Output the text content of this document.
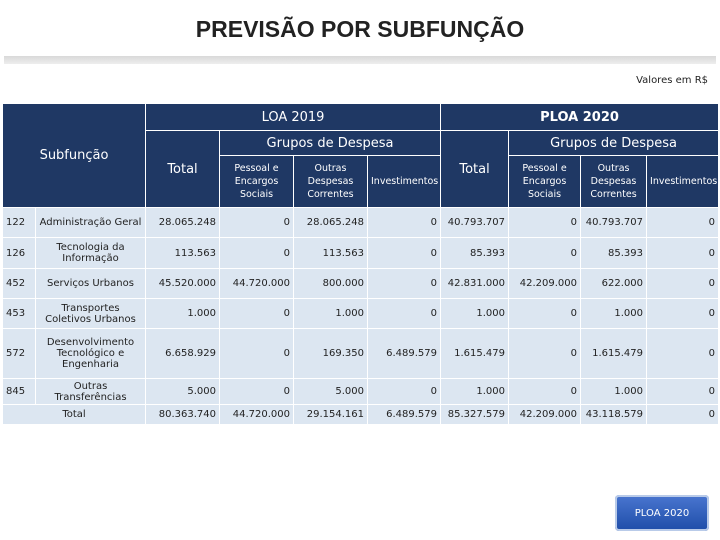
PREVISÃO POR SUBFUNÇÃO
Valores em R$
Subfunção		LOA 2019				PLOA 2020			
		Total	Grupos de Despesa			Total	Grupos de Despesa		
			Pessoal e Encargos Sociais	Outras Despesas Correntes	Investimentos		Pessoal e Encargos Sociais	Outras Despesas Correntes	Investimentos
122	Administração Geral	28.065.248	0	28.065.248	0	40.793.707	0	40.793.707	0
126	Tecnologia da Informação	113.563	0	113.563	0	85.393	0	85.393	0
452	Serviços Urbanos	45.520.000	44.720.000	800.000	0	42.831.000	42.209.000	622.000	0
453	Transportes Coletivos Urbanos	1.000	0	1.000	0	1.000	0	1.000	0
572	Desenvolvimento Tecnológico e Engenharia	6.658.929	0	169.350	6.489.579	1.615.479	0	1.615.479	0
845	Outras Transferências	5.000	0	5.000	0	1.000	0	1.000	0
Total		80.363.740	44.720.000	29.154.161	6.489.579	85.327.579	42.209.000	43.118.579	0
PLOA 2020
